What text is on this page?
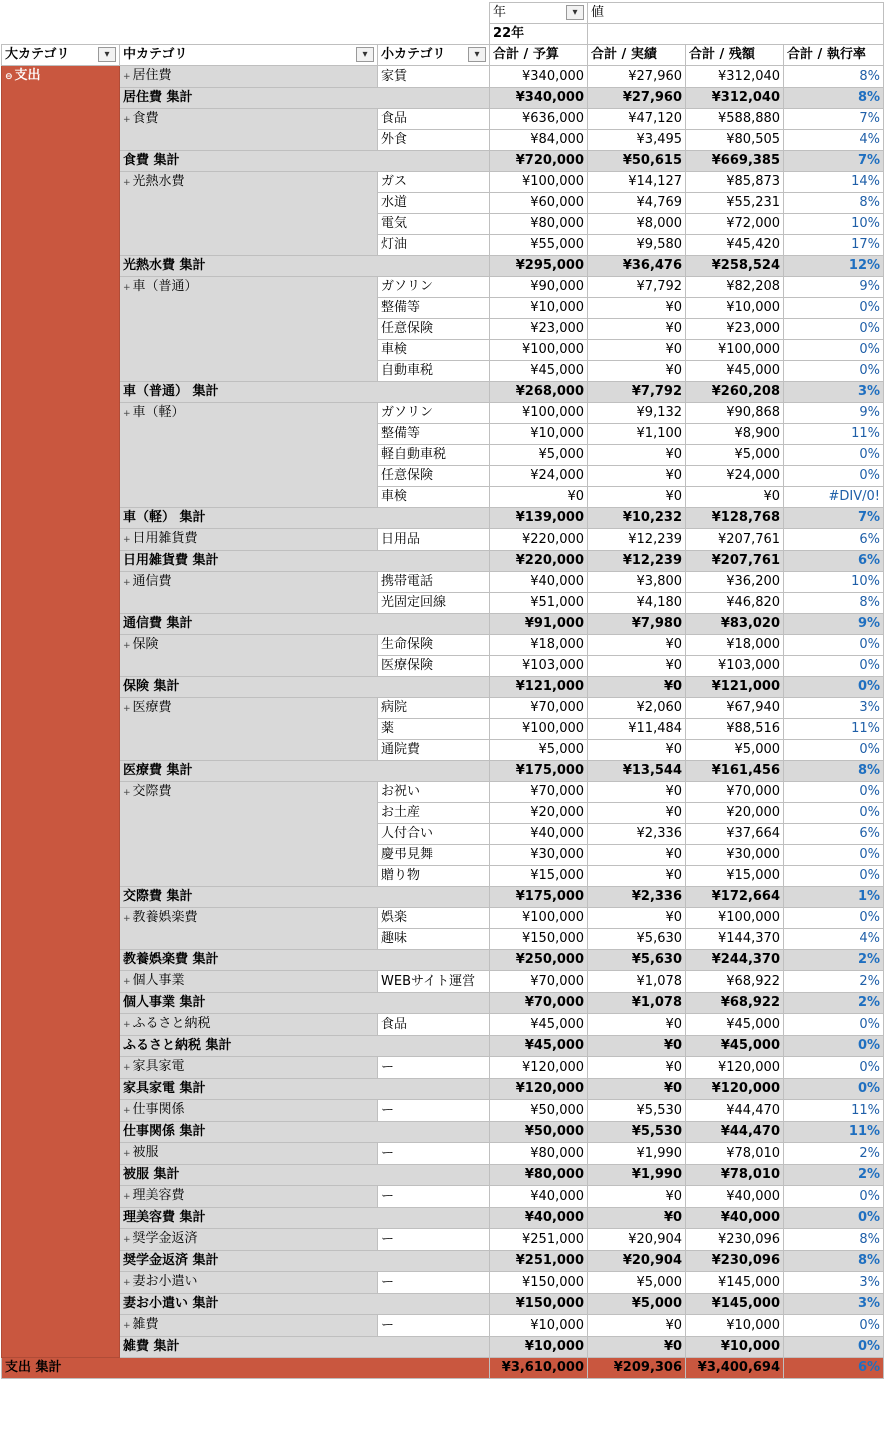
			年 ▾	値		
			22年			
大カテゴリ ▾	中カテゴリ ▾	小カテゴリ ▾	合計 / 予算	合計 / 実績	合計 / 残額	合計 / 執行率
⊖ 支出	+ 居住費	家賃	¥340,000	¥27,960	¥312,040	8%
	居住費 集計		¥340,000	¥27,960	¥312,040	8%
	+ 食費	食品	¥636,000	¥47,120	¥588,880	7%
		外食	¥84,000	¥3,495	¥80,505	4%
	食費 集計		¥720,000	¥50,615	¥669,385	7%
	+ 光熱水費	ガス	¥100,000	¥14,127	¥85,873	14%
		水道	¥60,000	¥4,769	¥55,231	8%
		電気	¥80,000	¥8,000	¥72,000	10%
		灯油	¥55,000	¥9,580	¥45,420	17%
	光熱水費 集計		¥295,000	¥36,476	¥258,524	12%
	+ 車（普通）	ガソリン	¥90,000	¥7,792	¥82,208	9%
		整備等	¥10,000	¥0	¥10,000	0%
		任意保険	¥23,000	¥0	¥23,000	0%
		車検	¥100,000	¥0	¥100,000	0%
		自動車税	¥45,000	¥0	¥45,000	0%
	車（普通） 集計		¥268,000	¥7,792	¥260,208	3%
	+ 車（軽）	ガソリン	¥100,000	¥9,132	¥90,868	9%
		整備等	¥10,000	¥1,100	¥8,900	11%
		軽自動車税	¥5,000	¥0	¥5,000	0%
		任意保険	¥24,000	¥0	¥24,000	0%
		車検	¥0	¥0	¥0	#DIV/0!
	車（軽） 集計		¥139,000	¥10,232	¥128,768	7%
	+ 日用雑貨費	日用品	¥220,000	¥12,239	¥207,761	6%
	日用雑貨費 集計		¥220,000	¥12,239	¥207,761	6%
	+ 通信費	携帯電話	¥40,000	¥3,800	¥36,200	10%
		光固定回線	¥51,000	¥4,180	¥46,820	8%
	通信費 集計		¥91,000	¥7,980	¥83,020	9%
	+ 保険	生命保険	¥18,000	¥0	¥18,000	0%
		医療保険	¥103,000	¥0	¥103,000	0%
	保険 集計		¥121,000	¥0	¥121,000	0%
	+ 医療費	病院	¥70,000	¥2,060	¥67,940	3%
		薬	¥100,000	¥11,484	¥88,516	11%
		通院費	¥5,000	¥0	¥5,000	0%
	医療費 集計		¥175,000	¥13,544	¥161,456	8%
	+ 交際費	お祝い	¥70,000	¥0	¥70,000	0%
		お土産	¥20,000	¥0	¥20,000	0%
		人付合い	¥40,000	¥2,336	¥37,664	6%
		慶弔見舞	¥30,000	¥0	¥30,000	0%
		贈り物	¥15,000	¥0	¥15,000	0%
	交際費 集計		¥175,000	¥2,336	¥172,664	1%
	+ 教養娯楽費	娯楽	¥100,000	¥0	¥100,000	0%
		趣味	¥150,000	¥5,630	¥144,370	4%
	教養娯楽費 集計		¥250,000	¥5,630	¥244,370	2%
	+ 個人事業	WEBサイト運営	¥70,000	¥1,078	¥68,922	2%
	個人事業 集計		¥70,000	¥1,078	¥68,922	2%
	+ ふるさと納税	食品	¥45,000	¥0	¥45,000	0%
	ふるさと納税 集計		¥45,000	¥0	¥45,000	0%
	+ 家具家電	ー	¥120,000	¥0	¥120,000	0%
	家具家電 集計		¥120,000	¥0	¥120,000	0%
	+ 仕事関係	ー	¥50,000	¥5,530	¥44,470	11%
	仕事関係 集計		¥50,000	¥5,530	¥44,470	11%
	+ 被服	ー	¥80,000	¥1,990	¥78,010	2%
	被服 集計		¥80,000	¥1,990	¥78,010	2%
	+ 理美容費	ー	¥40,000	¥0	¥40,000	0%
	理美容費 集計		¥40,000	¥0	¥40,000	0%
	+ 奨学金返済	ー	¥251,000	¥20,904	¥230,096	8%
	奨学金返済 集計		¥251,000	¥20,904	¥230,096	8%
	+ 妻お小遣い	ー	¥150,000	¥5,000	¥145,000	3%
	妻お小遣い 集計		¥150,000	¥5,000	¥145,000	3%
	+ 雑費	ー	¥10,000	¥0	¥10,000	0%
	雑費 集計		¥10,000	¥0	¥10,000	0%
支出 集計			¥3,610,000	¥209,306	¥3,400,694	6%
